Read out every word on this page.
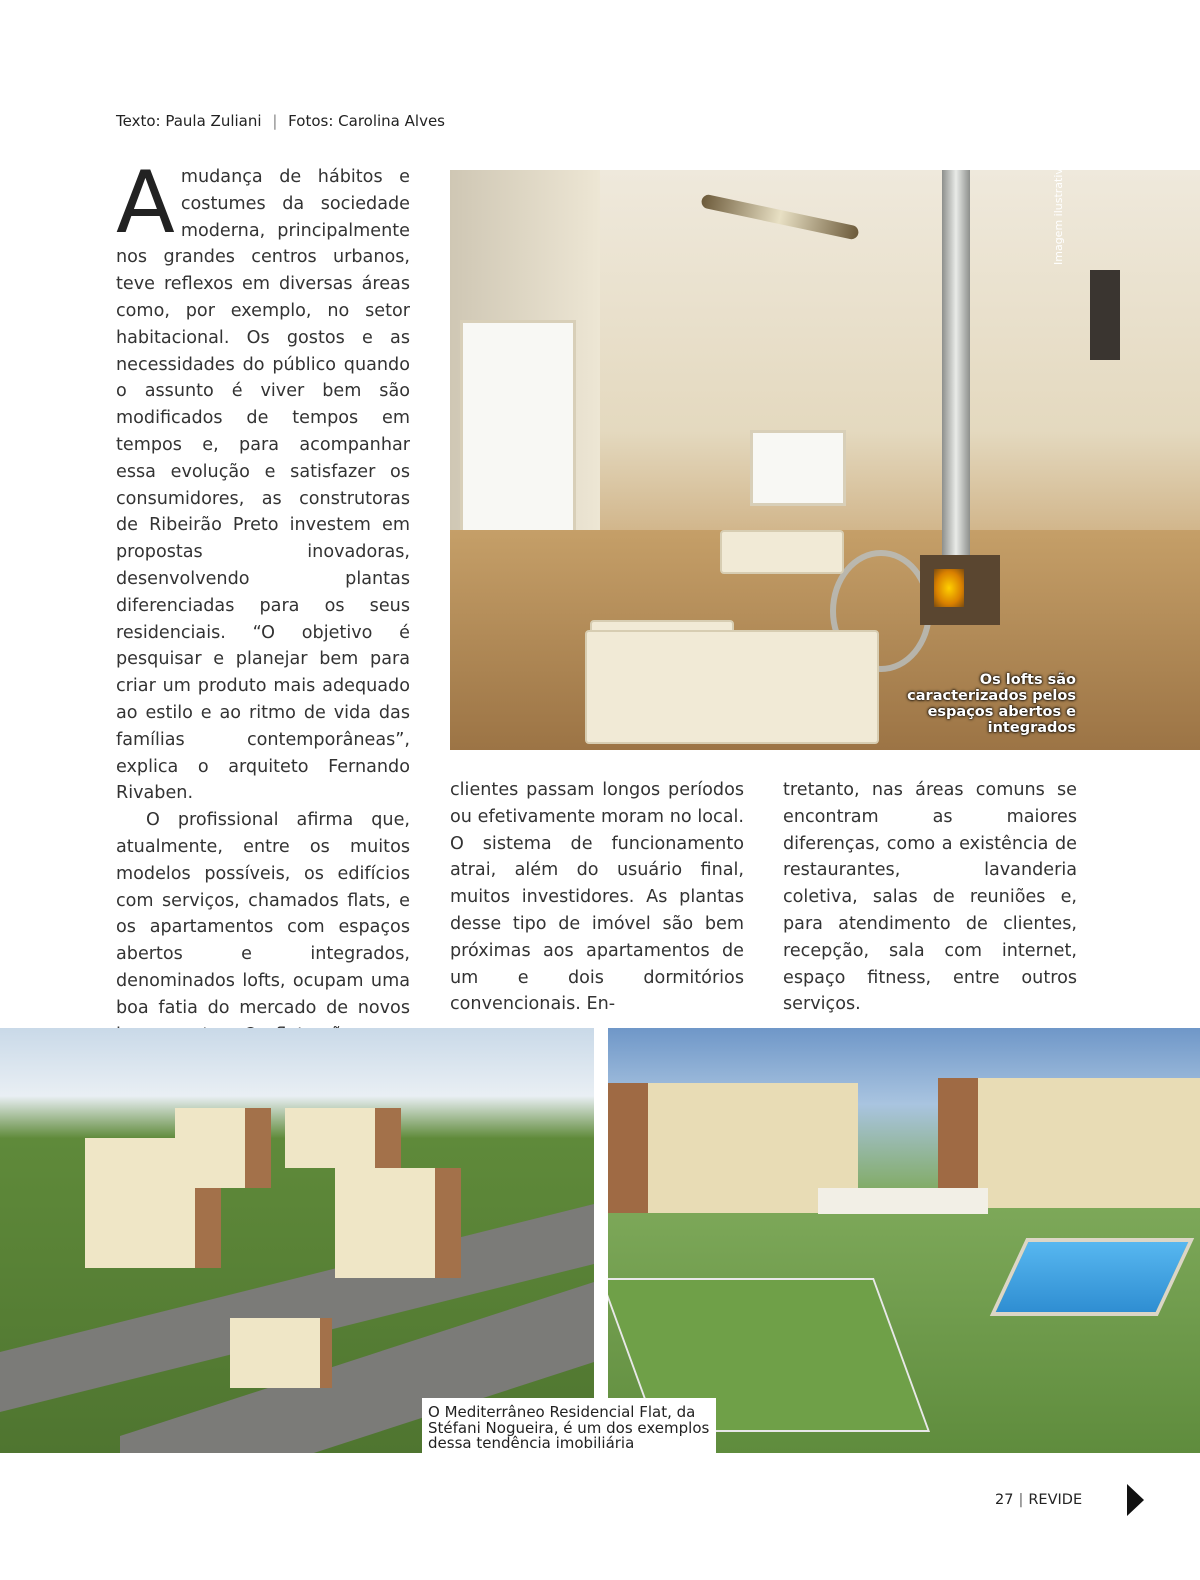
Texto: Paula Zuliani | Fotos: Carolina Alves

Amudança de hábitos e costumes da sociedade moderna, principalmente nos grandes centros urbanos, teve reflexos em diversas áreas como, por exemplo, no setor habitacional. Os gostos e as necessidades do público quando o assunto é viver bem são modificados de tempos em tempos e, para acompanhar essa evolução e satisfazer os consumidores, as construtoras de Ribeirão Preto investem em propostas inovadoras, desenvolvendo plantas diferenciadas para os seus residenciais. “O objetivo é pesquisar e planejar bem para criar um produto mais adequado ao estilo e ao ritmo de vida das famílias contemporâneas”, explica o arquiteto Fernando Rivaben.

O profissional afirma que, atualmente, entre os muitos modelos possíveis, os edifícios com serviços, chamados flats, e os apartamentos com espaços abertos e integrados, denominados lofts, ocupam uma boa fatia do mercado de novos

Imagem ilustrativa
Os lofts são caracterizados pelos espaços abertos e integrados

clientes passam longos períodos ou efetivamente moram no local. O sistema de funcionamento atrai, além do usuário final, muitos investidores. As plantas desse tipo de imóvel são bem próximas aos apartamentos de um e dois dormitórios convencionais. En-

tretanto, nas áreas comuns se encontram as maiores diferenças, como a existência de restaurantes, lavanderia coletiva, salas de reuniões e, para atendimento de clientes, recepção, sala com internet, espaço fitness, entre outros serviços.

O Mediterrâneo Residencial Flat, da Stéfani Nogueira, é um dos exemplos dessa tendência imobiliária
27 | REVIDE
